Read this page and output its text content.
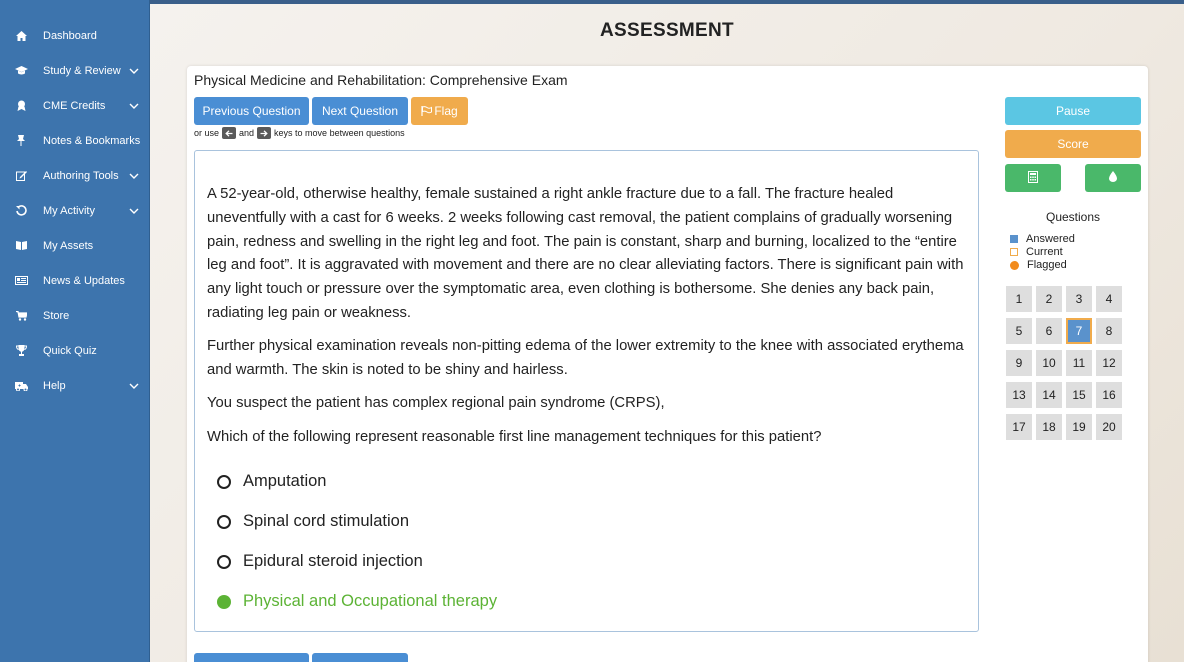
Dashboard
Study & Review
CME Credits
Notes & Bookmarks
Authoring Tools
My Activity
My Assets
News & Updates
Store
Quick Quiz
Help
ASSESSMENT
Physical Medicine and Rehabilitation: Comprehensive Exam
Previous Question	Next Question	Flag
or use and keys to move between questions

A 52-year-old, otherwise healthy, female sustained a right ankle fracture due to a fall. The fracture healed uneventfully with a cast for 6 weeks. 2 weeks following cast removal, the patient complains of gradually worsening pain, redness and swelling in the right leg and foot. The pain is constant, sharp and burning, localized to the “entire leg and foot”. It is aggravated with movement and there are no clear alleviating factors. There is significant pain with any light touch or pressure over the symptomatic area, even clothing is bothersome. She denies any back pain, radiating leg pain or weakness.

Further physical examination reveals non-pitting edema of the lower extremity to the knee with associated erythema and warmth. The skin is noted to be shiny and hairless.

You suspect the patient has complex regional pain syndrome (CRPS),

Which of the following represent reasonable first line management techniques for this patient?

Amputation
Spinal cord stimulation
Epidural steroid injection
Physical and Occupational therapy
Pause
Score
Questions
Answered
Current
Flagged
1	2	3	4
5	6	7	8
9	10	11	12
13	14	15	16
17	18	19	20
